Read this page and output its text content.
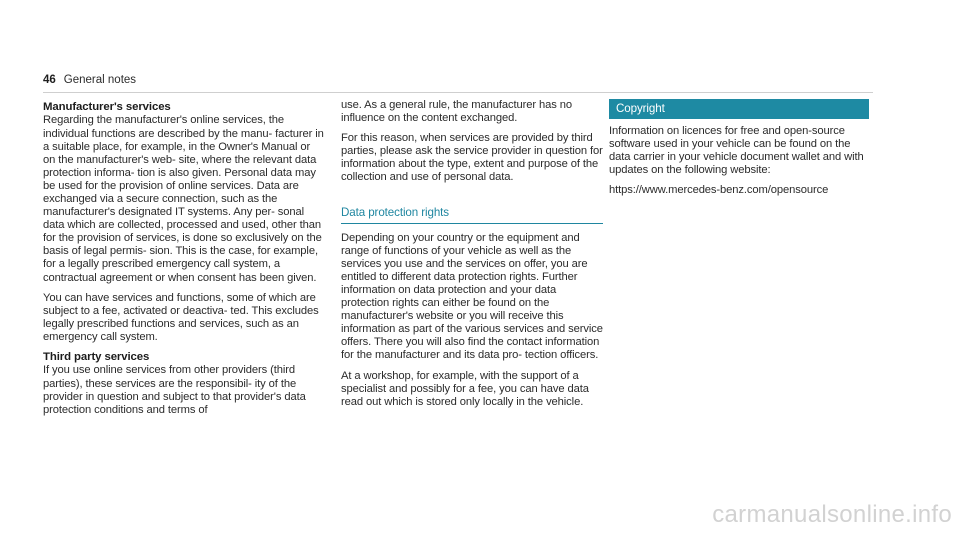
46 General notes
Manufacturer's services

Regarding the manufacturer's online services, the individual functions are described by the manu- facturer in a suitable place, for example, in the Owner's Manual or on the manufacturer's web- site, where the relevant data protection informa- tion is also given. Personal data may be used for the provision of online services. Data are exchanged via a secure connection, such as the manufacturer's designated IT systems. Any per- sonal data which are collected, processed and used, other than for the provision of services, is done so exclusively on the basis of legal permis- sion. This is the case, for example, for a legally prescribed emergency call system, a contractual agreement or when consent has been given.

You can have services and functions, some of which are subject to a fee, activated or deactiva- ted. This excludes legally prescribed functions and services, such as an emergency call system.

Third party services

If you use online services from other providers (third parties), these services are the responsibil- ity of the provider in question and subject to that provider's data protection conditions and terms of

use. As a general rule, the manufacturer has no influence on the content exchanged.

For this reason, when services are provided by third parties, please ask the service provider in question for information about the type, extent and purpose of the collection and use of personal data.

Data protection rights

Depending on your country or the equipment and range of functions of your vehicle as well as the services you use and the services on offer, you are entitled to different data protection rights. Further information on data protection and your data protection rights can either be found on the manufacturer's website or you will receive this information as part of the various services and service offers. There you will also find the contact information for the manufacturer and its data pro- tection officers.

At a workshop, for example, with the support of a specialist and possibly for a fee, you can have data read out which is stored only locally in the vehicle.

Copyright

Information on licences for free and open-source software used in your vehicle can be found on the data carrier in your vehicle document wallet and with updates on the following website:

https://www.mercedes-benz.com/opensource

carmanualsonline.info
